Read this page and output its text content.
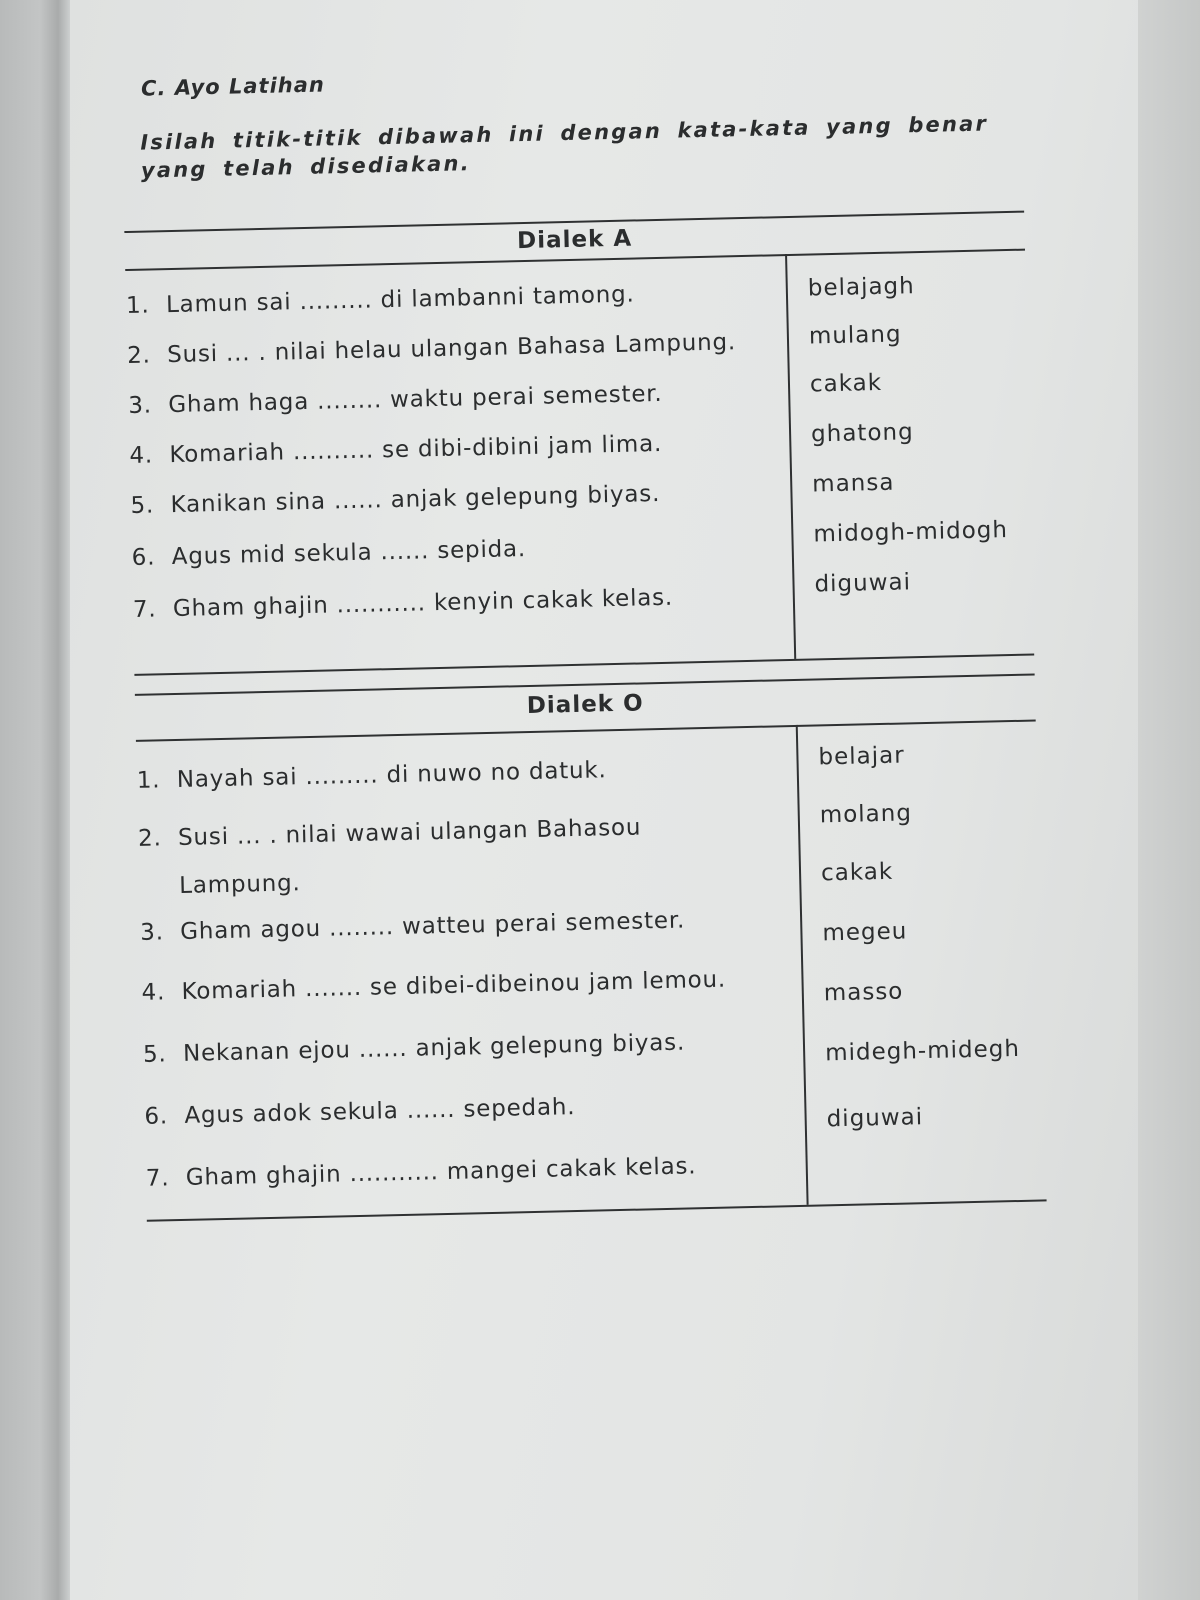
C. Ayo Latihan
Isilah titik-titik dibawah ini dengan kata-kata yang benar yang telah disediakan.
Dialek A
1. Lamun sai ......... di lambanni tamong.
2. Susi ... . nilai helau ulangan Bahasa Lampung.
3. Gham haga ........ waktu perai semester.
4. Komariah .......... se dibi-dibini jam lima.
5. Kanikan sina ...... anjak gelepung biyas.
6. Agus mid sekula ...... sepida.
7. Gham ghajin ........... kenyin cakak kelas.
belajagh
mulang
cakak
ghatong
mansa
midogh-midogh
diguwai
Dialek O
1. Nayah sai ......... di nuwo no datuk.
2. Susi ... . nilai wawai ulangan Bahasou
Lampung.
3. Gham agou ........ watteu perai semester.
4. Komariah ....... se dibei-dibeinou jam lemou.
5. Nekanan ejou ...... anjak gelepung biyas.
6. Agus adok sekula ...... sepedah.
7. Gham ghajin ........... mangei cakak kelas.
belajar
molang
cakak
megeu
masso
midegh-midegh
diguwai
